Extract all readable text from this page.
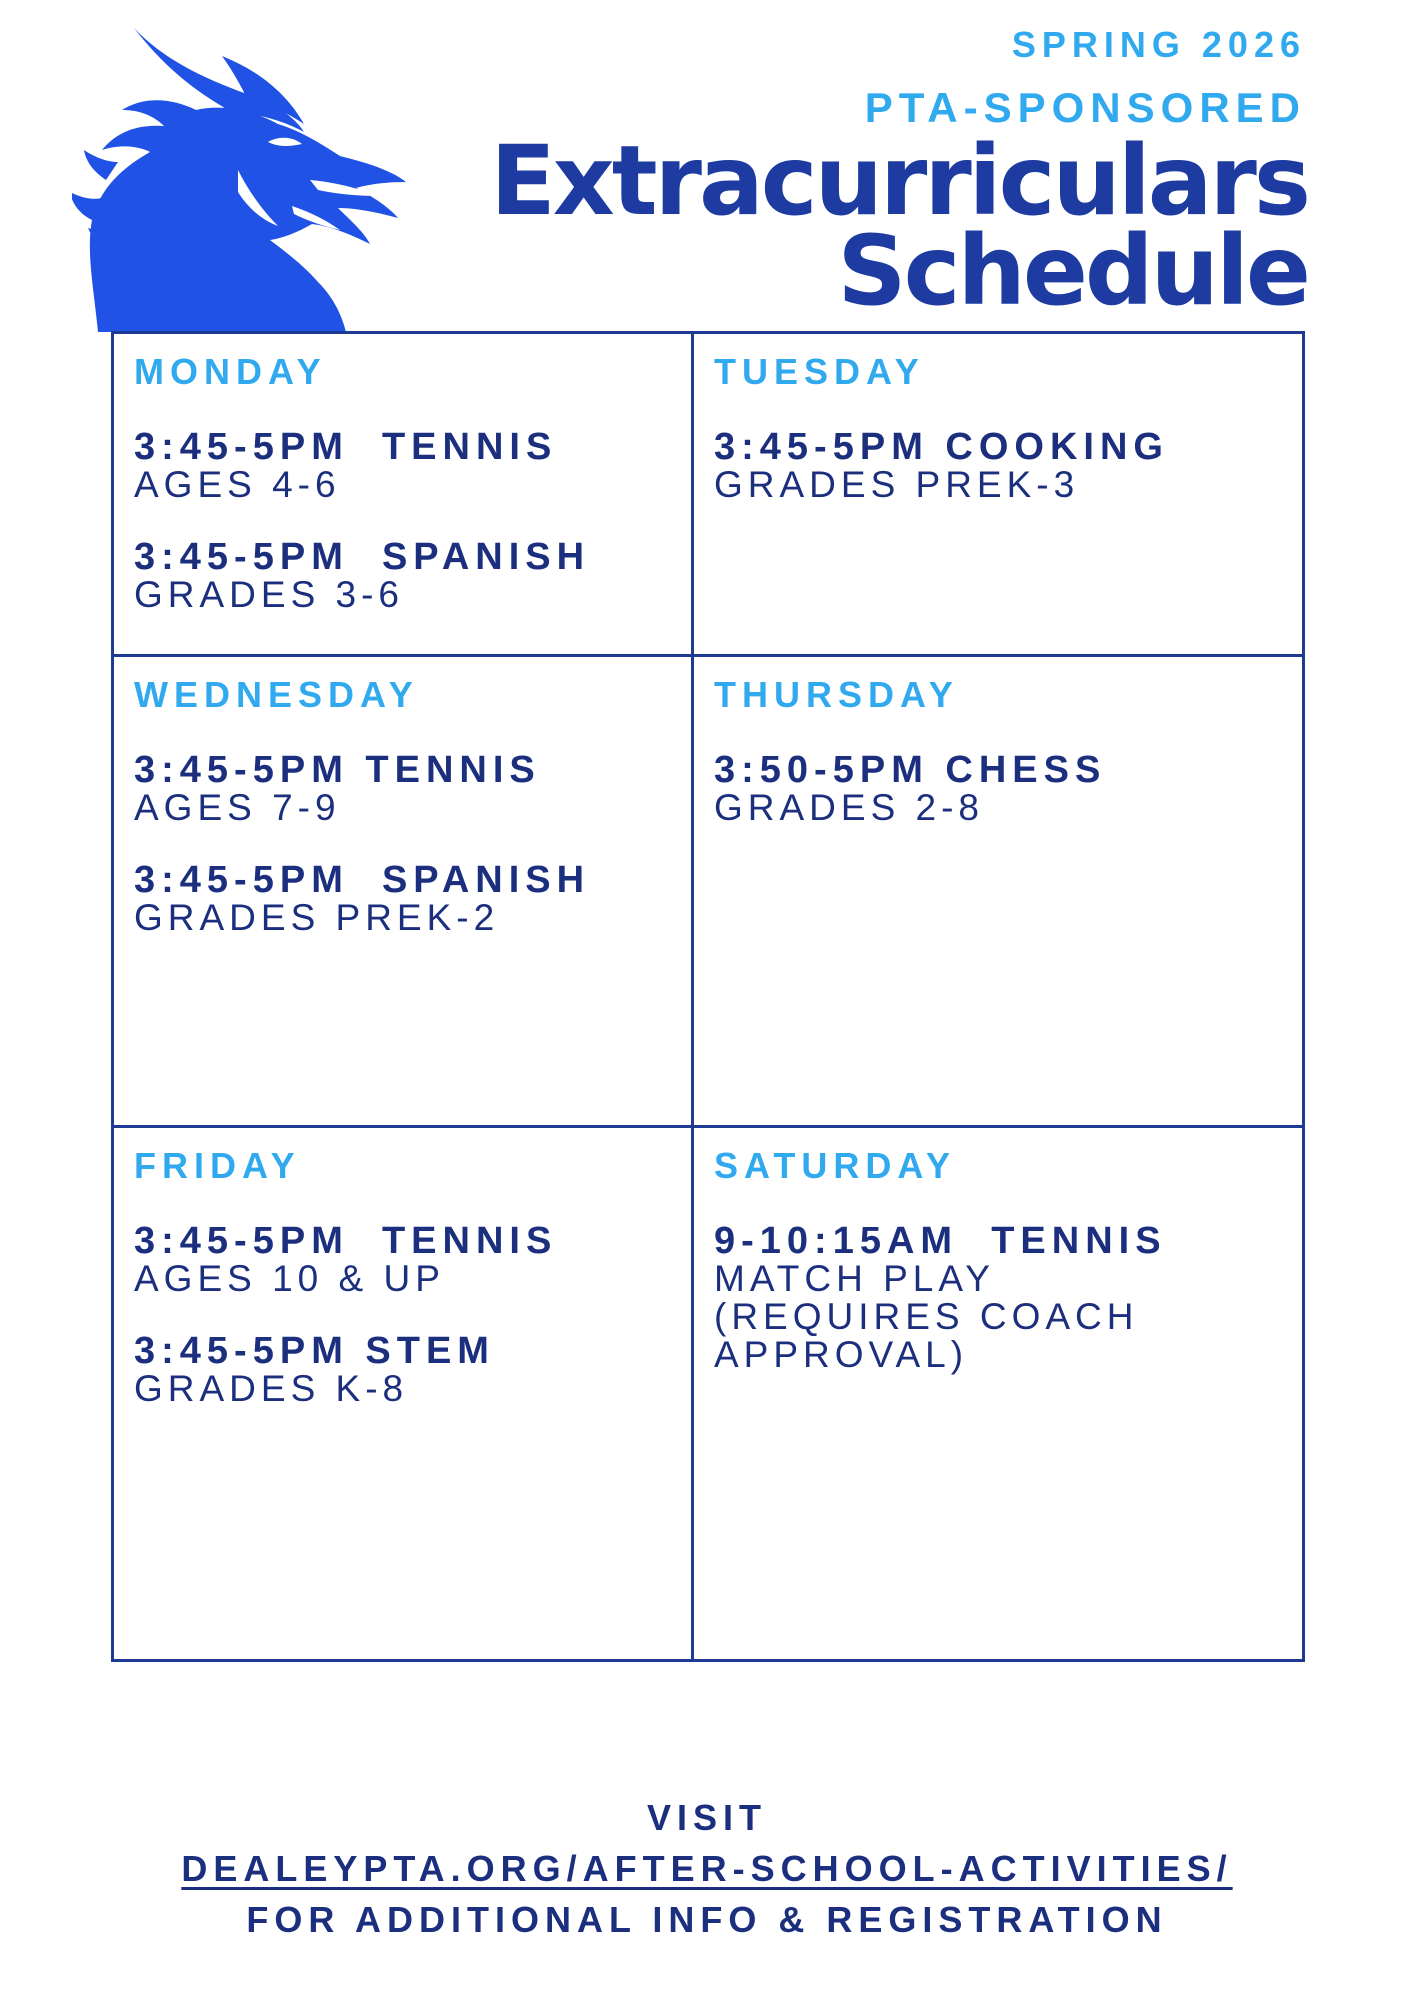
SPRING 2026

PTA-SPONSORED

Extracurriculars
Schedule

MONDAY

3:45-5PM  TENNIS
AGES 4-6
3:45-5PM  SPANISH
GRADES 3-6

TUESDAY

3:45-5PM COOKING
GRADES PREK-3

WEDNESDAY

3:45-5PM TENNIS
AGES 7-9
3:45-5PM  SPANISH
GRADES PREK-2

THURSDAY

3:50-5PM CHESS
GRADES 2-8

FRIDAY

3:45-5PM  TENNIS
AGES 10 & UP
3:45-5PM STEM
GRADES K-8

SATURDAY

9-10:15AM  TENNIS
MATCH PLAY
(REQUIRES COACH
APPROVAL)
VISIT
DEALEYPTA.ORG/AFTER-SCHOOL-ACTIVITIES/
FOR ADDITIONAL INFO & REGISTRATION
